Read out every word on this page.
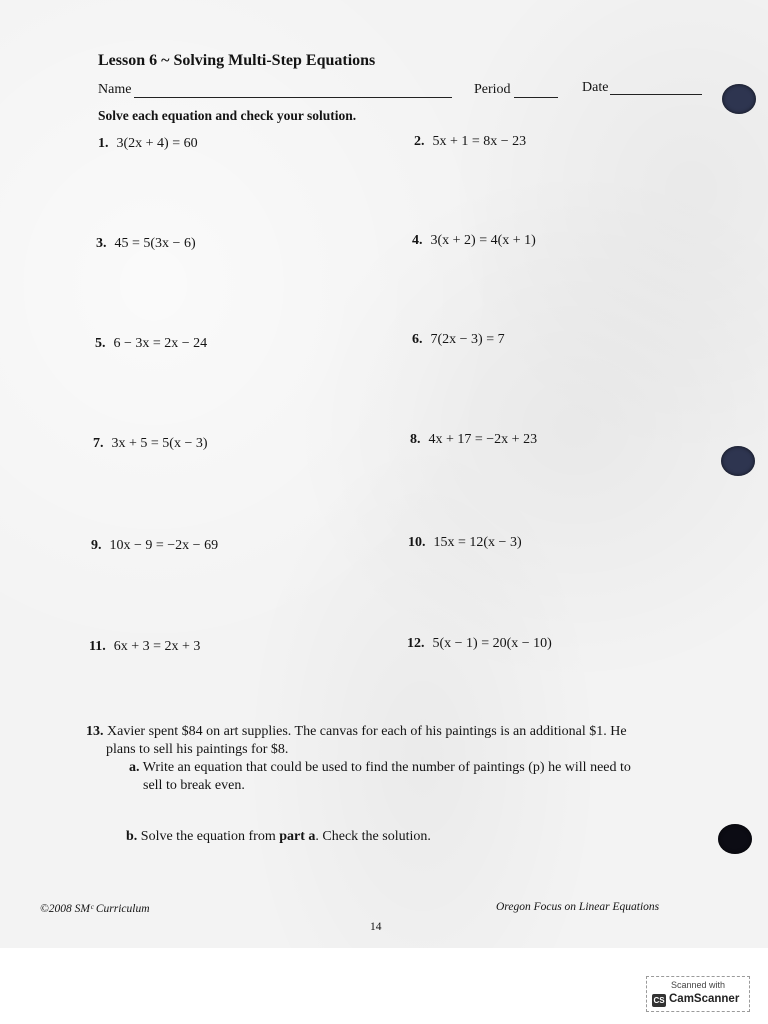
Lesson 6 ~ Solving Multi-Step Equations
Name	Period	Date
Solve each equation and check your solution.
1. 3(2x + 4) = 60	2. 5x + 1 = 8x − 23
3. 45 = 5(3x − 6)	4. 3(x + 2) = 4(x + 1)
5. 6 − 3x = 2x − 24	6. 7(2x − 3) = 7
7. 3x + 5 = 5(x − 3)	8. 4x + 17 = −2x + 23
9. 10x − 9 = −2x − 69	10. 15x = 12(x − 3)
11. 6x + 3 = 2x + 3	12. 5(x − 1) = 20(x − 10)
13. Xavier spent $84 on art supplies. The canvas for each of his paintings is an additional $1. He
plans to sell his paintings for $8.
a. Write an equation that could be used to find the number of paintings (p) he will need to
sell to break even.
b. Solve the equation from part a. Check the solution.
©2008 SMᶜ Curriculum	Oregon Focus on Linear Equations
14
Scanned with
CS CamScanner
